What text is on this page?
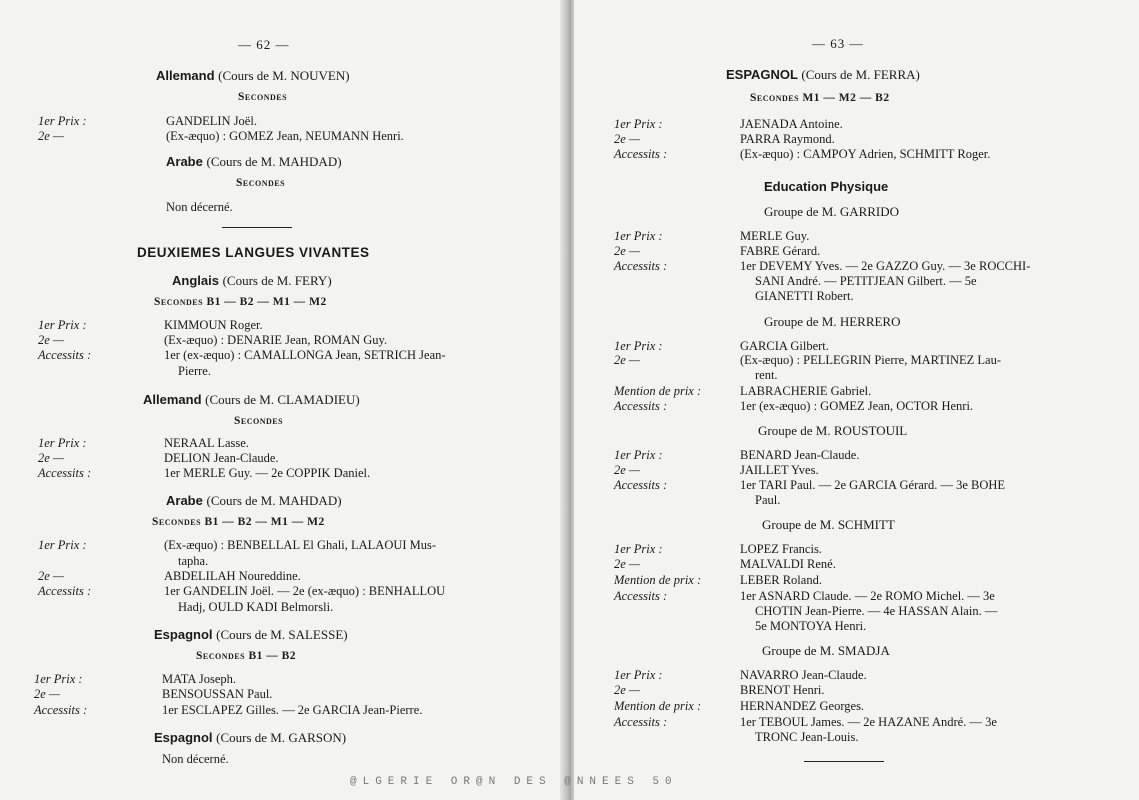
— 62 —
Allemand (Cours de M. NOUVEN)
Secondes
1er Prix :	GANDELIN Joël.
2e —	(Ex-æquo) : GOMEZ Jean, NEUMANN Henri.
Arabe (Cours de M. MAHDAD)
Secondes
Non décerné.
DEUXIEMES LANGUES VIVANTES
Anglais (Cours de M. FERY)
Secondes B1 — B2 — M1 — M2
1er Prix :	KIMMOUN Roger.
2e —	(Ex-æquo) : DENARIE Jean, ROMAN Guy.
Accessits :	1er (ex-æquo) : CAMALLONGA Jean, SETRICH Jean-
Pierre.
Allemand (Cours de M. CLAMADIEU)
Secondes
1er Prix :	NERAAL Lasse.
2e —	DELION Jean-Claude.
Accessits :	1er MERLE Guy. — 2e COPPIK Daniel.
Arabe (Cours de M. MAHDAD)
Secondes B1 — B2 — M1 — M2
1er Prix :	(Ex-æquo) : BENBELLAL El Ghali, LALAOUI Mus-
tapha.
2e —	ABDELILAH Noureddine.
Accessits :	1er GANDELIN Joël. — 2e (ex-æquo) : BENHALLOU
Hadj, OULD KADI Belmorsli.
Espagnol (Cours de M. SALESSE)
Secondes B1 — B2
1er Prix :	MATA Joseph.
2e —	BENSOUSSAN Paul.
Accessits :	1er ESCLAPEZ Gilles. — 2e GARCIA Jean-Pierre.
Espagnol (Cours de M. GARSON)
Non décerné.
— 63 —
ESPAGNOL (Cours de M. FERRA)
Secondes M1 — M2 — B2
1er Prix :	JAENADA Antoine.
2e —	PARRA Raymond.
Accessits :	(Ex-æquo) : CAMPOY Adrien, SCHMITT Roger.
Education Physique
Groupe de M. GARRIDO
1er Prix :	MERLE Guy.
2e —	FABRE Gérard.
Accessits :	1er DEVEMY Yves. — 2e GAZZO Guy. — 3e ROCCHI-
SANI André. — PETITJEAN Gilbert. — 5e
GIANETTI Robert.
Groupe de M. HERRERO
1er Prix :	GARCIA Gilbert.
2e —	(Ex-æquo) : PELLEGRIN Pierre, MARTINEZ Lau-
rent.
Mention de prix :	LABRACHERIE Gabriel.
Accessits :	1er (ex-æquo) : GOMEZ Jean, OCTOR Henri.
Groupe de M. ROUSTOUIL
1er Prix :	BENARD Jean-Claude.
2e —	JAILLET Yves.
Accessits :	1er TARI Paul. — 2e GARCIA Gérard. — 3e BOHE
Paul.
Groupe de M. SCHMITT
1er Prix :	LOPEZ Francis.
2e —	MALVALDI René.
Mention de prix :	LEBER Roland.
Accessits :	1er ASNARD Claude. — 2e ROMO Michel. — 3e
CHOTIN Jean-Pierre. — 4e HASSAN Alain. —
5e MONTOYA Henri.
Groupe de M. SMADJA
1er Prix :	NAVARRO Jean-Claude.
2e —	BRENOT Henri.
Mention de prix :	HERNANDEZ Georges.
Accessits :	1er TEBOUL James. — 2e HAZANE André. — 3e
TRONC Jean-Louis.
@LGERIE OR@N DES @NNEES 50
